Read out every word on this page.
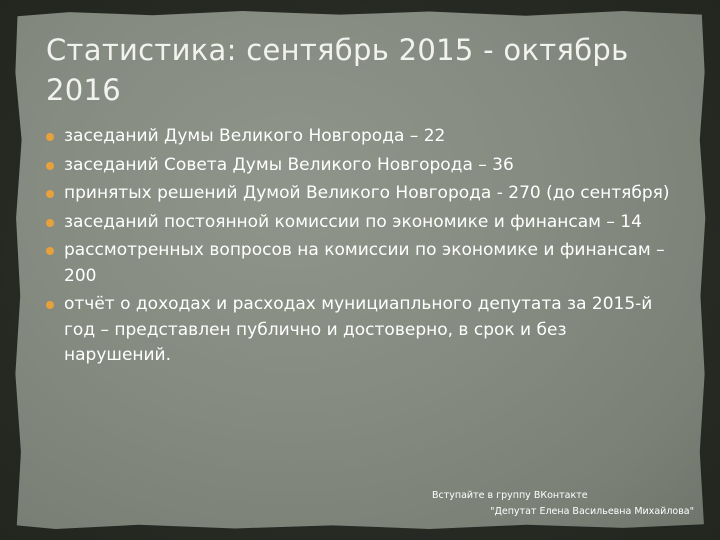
Статистика: сентябрь 2015 - октябрь 2016
заседаний Думы Великого Новгорода – 22
заседаний Совета Думы Великого Новгорода – 36
принятых решений Думой Великого Новгорода - 270 (до сентября)
заседаний постоянной комиссии по экономике и финансам – 14
рассмотренных вопросов на комиссии по экономике и финансам – 200
отчёт о доходах и расходах мунициапльного депутата за 2015-й год – представлен публично и достоверно, в срок и без нарушений.
Вступайте в группу ВКонтакте
"Депутат Елена Васильевна Михайлова"
